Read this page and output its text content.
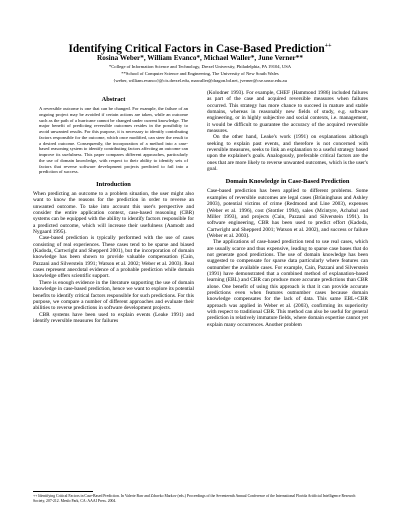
Identifying Critical Factors in Case-Based Prediction++
Rosina Weber*, William Evanco*, Michael Waller*, June Verner**
*College of Information Science and Technology, Drexel University, Philadelphia, PA 19104, USA
**School of Computer Science and Engineering, The University of New South Wales
{weber, william.evanco}@cis.drexel.edu, mawaller@dragon.bd.net, jverner@cse.unsw.edu.au
Abstract

A reversible outcome is one that can be changed. For example, the failure of an ongoing project may be avoided if certain actions are taken, while an outcome such as the path of a hurricane cannot be changed under current knowledge. The major benefit of predicting reversible outcomes resides in the possibility to avoid unwanted results. For this purpose, it is necessary to identify contributing factors responsible for the outcome, which once modified, can steer the result to a desired outcome. Consequently, the incorporation of a method into a case-based reasoning system to identify contributing factors affecting an outcome can improve its usefulness. This paper compares different approaches, particularly the use of domain knowledge, with respect to their ability to identify sets of factors that reverse software development projects predicted to fail into a prediction of success.

Introduction

When predicting an outcome to a problem situation, the user might also want to know the reasons for the prediction in order to reverse an unwanted outcome. To take into account this user's perspective and consider the entire application context, case-based reasoning (CBR) systems can be equipped with the ability to identify factors responsible for a predicted outcome, which will increase their usefulness (Aamodt and Nygaard 1995).

Case-based prediction is typically performed with the use of cases consisting of real experiences. These cases tend to be sparse and biased (Kadoda, Cartwright and Shepperd 2001), but the incorporation of domain knowledge has been shown to provide valuable compensation (Cain, Pazzani and Silverstein 1991; Watson et al. 2002; Weber et al. 2003). Real cases represent anecdotal evidence of a probable prediction while domain knowledge offers scientific support.

There is enough evidence in the literature supporting the use of domain knowledge in case-based prediction, hence we want to explore its potential benefits to identify critical factors responsible for such predictions. For this purpose, we compare a number of different approaches and evaluate their abilities to reverse predictions in software development projects.

CBR systems have been used to explain events (Leake 1991) and identify reversible measures for failures

(Kolodner 1993). For example, CHEF (Hammond 1986) included failures as part of the case and acquired reversible measures when failures occurred. This strategy has more chance to succeed in mature and stable domains, whereas in reasonably new fields of study, e.g. software engineering, or in highly subjective and social contexts, i.e. management, it would be difficult to guarantee the accuracy of the acquired reversible measures.

On the other hand, Leake's work (1991) on explanations although seeking to explain past events, and therefore is not concerned with reversible measures, seeks to link an explanation to a useful strategy based upon the explainer's goals. Analogously, preferable critical factors are the ones that are more likely to reverse unwanted outcomes, which is the user's goal.

Domain Knowledge in Case-Based Prediction

Case-based prediction has been applied to different problems. Some examples of reversible outcomes are legal cases (Brüninghaus and Ashley 2003), potential victims of crime (Redmond and Line 2003), expenses (Weber et al. 1996), cost (Stottler 1994), sales (Mcintyre, Achabal and Miller 1993), and projects (Cain, Pazzani and Silverstein 1991). In software engineering, CBR has been used to predict effort (Kadoda, Cartwright and Shepperd 2001; Watson et al. 2002), and success or failure (Weber et al. 2003).

The applications of case-based prediction tend to use real cases, which are usually scarce and thus expensive, leading to sparse case bases that do not generate good predictions. The use of domain knowledge has been suggested to compensate for sparse data particularly where features can outnumber the available cases. For example, Cain, Pazzani and Silverstein (1991) have demonstrated that a combined method of explanation-based learning (EBL) and CBR can produce more accurate predictions than CBR alone. One benefit of using this approach is that it can provide accurate predictions even when features outnumber cases because domain knowledge compensates for the lack of data. This same EBL+CBR approach was applied in Weber et al. (2003), confirming its superiority with respect to traditional CBR. This method can also be useful for general prediction in relatively immature fields, where domain expertise cannot yet explain many occurrences. Another problem

++ Identifying Critical Factors in Case-Based Prediction. In Valerie Barr and Zdravko Markov (eds.) Proceedings of the Seventeenth Annual Conference of the International Florida Artificial Intelligence Research Society, 207-212. Menlo Park, CA: AAAI Press. 2004.
